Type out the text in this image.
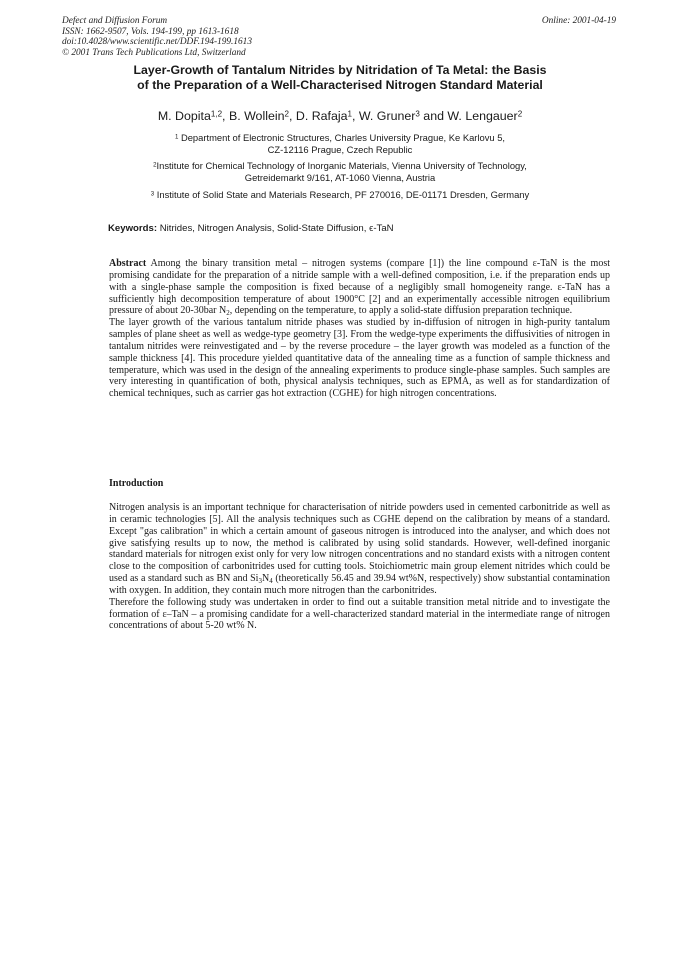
Defect and Diffusion Forum
ISSN: 1662-9507, Vols. 194-199, pp 1613-1618
doi:10.4028/www.scientific.net/DDF.194-199.1613
© 2001 Trans Tech Publications Ltd, Switzerland
Online: 2001-04-19
Layer-Growth of Tantalum Nitrides by Nitridation of Ta Metal: the Basis
of the Preparation of a Well-Characterised Nitrogen Standard Material
M. Dopita$^{1,2}$, B. Wollein$^2$, D. Rafaja$^1$, W. Gruner$^3$ and W. Lengauer$^2$
$^1$ Department of Electronic Structures, Charles University Prague, Ke Karlovu 5,
CZ-12116 Prague, Czech Republic
$^2$Institute for Chemical Technology of Inorganic Materials, Vienna University of Technology,
Getreidemarkt 9/161, AT-1060 Vienna, Austria
$^3$ Institute of Solid State and Materials Research, PF 270016, DE-01171 Dresden, Germany
Keywords: Nitrides, Nitrogen Analysis, Solid-State Diffusion, ϵ-TaN

Abstract Among the binary transition metal – nitrogen systems (compare [1]) the line compound ε-TaN is the most promising candidate for the preparation of a nitride sample with a well-defined composition, i.e. if the preparation ends up with a single-phase sample the composition is fixed because of a negligibly small homogeneity range. ε-TaN has a sufficiently high decomposition temperature of about 1900°C [2] and an experimentally accessible nitrogen equilibrium pressure of about 20-30bar $N_2$, depending on the temperature, to apply a solid-state diffusion preparation technique.

The layer growth of the various tantalum nitride phases was studied by in-diffusion of nitrogen in high-purity tantalum samples of plane sheet as well as wedge-type geometry [3]. From the wedge-type experiments the diffusivities of nitrogen in tantalum nitrides were reinvestigated and – by the reverse procedure – the layer growth was modeled as a function of the sample thickness [4]. This procedure yielded quantitative data of the annealing time as a function of sample thickness and temperature, which was used in the design of the annealing experiments to produce single-phase samples. Such samples are very interesting in quantification of both, physical analysis techniques, such as EPMA, as well as for standardization of chemical techniques, such as carrier gas hot extraction (CGHE) for high nitrogen concentrations.

Introduction

Nitrogen analysis is an important technique for characterisation of nitride powders used in cemented carbonitride as well as in ceramic technologies [5]. All the analysis techniques such as CGHE depend on the calibration by means of a standard. Except "gas calibration" in which a certain amount of gaseous nitrogen is introduced into the analyser, and which does not give satisfying results up to now, the method is calibrated by using solid standards. However, well-defined inorganic standard materials for nitrogen exist only for very low nitrogen concentrations and no standard exists with a nitrogen content close to the composition of carbonitrides used for cutting tools. Stoichiometric main group element nitrides which could be used as a standard such as BN and $Si_3N_4$ (theoretically 56.45 and 39.94 wt%N, respectively) show substantial contamination with oxygen. In addition, they contain much more nitrogen than the carbonitrides.

Therefore the following study was undertaken in order to find out a suitable transition metal nitride and to investigate the formation of ε–TaN – a promising candidate for a well-characterized standard material in the intermediate range of nitrogen concentrations of about 5-20 wt% N.
